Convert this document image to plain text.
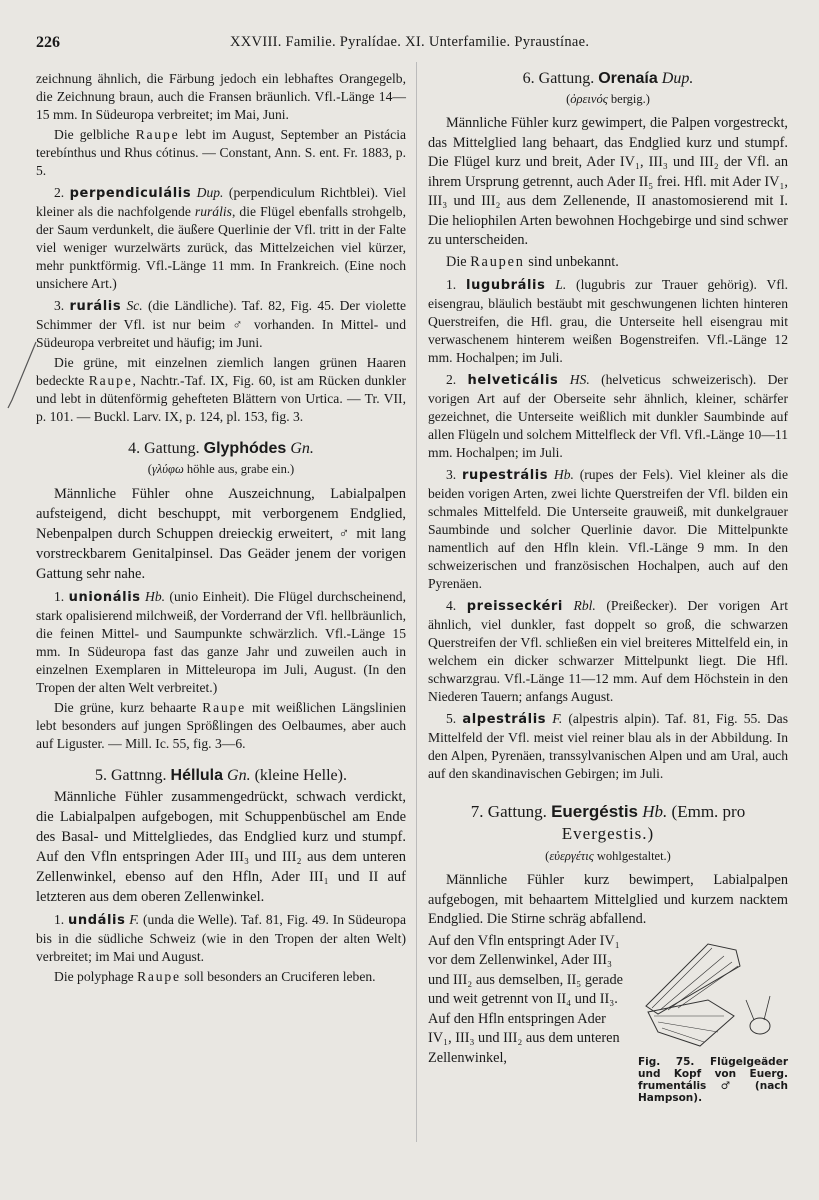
226	XXVIII. Familie. Pyralídae. XI. Unterfamilie. Pyraustínae.

zeichnung ähnlich, die Färbung jedoch ein lebhaftes Orangegelb, die Zeichnung braun, auch die Fransen bräunlich. Vfl.-Länge 14—15 mm. In Südeuropa verbreitet; im Mai, Juni.

Die gelbliche Raupe lebt im August, September an Pistácia terebínthus und Rhus cótinus. — Constant, Ann. S. ent. Fr. 1883, p. 5.

2. perpendiculális Dup. (perpendiculum Richtblei). Viel kleiner als die nachfolgende rurális, die Flügel ebenfalls strohgelb, der Saum verdunkelt, die äußere Querlinie der Vfl. tritt in der Falte viel weniger wurzelwärts zurück, das Mittelzeichen viel kürzer, mehr punktförmig. Vfl.-Länge 11 mm. In Frankreich. (Eine noch unsichere Art.)

3. rurális Sc. (die Ländliche). Taf. 82, Fig. 45. Der violette Schimmer der Vfl. ist nur beim ♂ vorhanden. In Mittel- und Südeuropa verbreitet und häufig; im Juni.

Die grüne, mit einzelnen ziemlich langen grünen Haaren bedeckte Raupe, Nachtr.-Taf. IX, Fig. 60, ist am Rücken dunkler und lebt in dütenförmig gehefteten Blättern von Urtica. — Tr. VII, p. 101. — Buckl. Larv. IX, p. 124, pl. 153, fig. 3.

4. Gattung. Glyphódes Gn.
(γλύφω höhle aus, grabe ein.)

Männliche Fühler ohne Auszeichnung, Labialpalpen aufsteigend, dicht beschuppt, mit verborgenem Endglied, Nebenpalpen durch Schuppen dreieckig erweitert, ♂ mit lang vorstreckbarem Genitalpinsel. Das Geäder jenem der vorigen Gattung sehr nahe.

1. unionális Hb. (unio Einheit). Die Flügel durchscheinend, stark opalisierend milchweiß, der Vorderrand der Vfl. hellbräunlich, die feinen Mittel- und Saumpunkte schwärzlich. Vfl.-Länge 15 mm. In Südeuropa fast das ganze Jahr und zuweilen auch in einzelnen Exemplaren in Mitteleuropa im Juli, August. (In den Tropen der alten Welt verbreitet.)

Die grüne, kurz behaarte Raupe mit weißlichen Längslinien lebt besonders auf jungen Sprößlingen des Oelbaumes, aber auch auf Liguster. — Mill. Ic. 55, fig. 3—6.

5. Gattnng. Héllula Gn. (kleine Helle).

Männliche Fühler zusammengedrückt, schwach verdickt, die Labialpalpen aufgebogen, mit Schuppenbüschel am Ende des Basal- und Mittelgliedes, das Endglied kurz und stumpf. Auf den Vfln entspringen Ader III₃ und III₂ aus dem unteren Zellenwinkel, ebenso auf den Hfln, Ader III₁ und II auf letzteren aus dem oberen Zellenwinkel.

1. undális F. (unda die Welle). Taf. 81, Fig. 49. In Südeuropa bis in die südliche Schweiz (wie in den Tropen der alten Welt) verbreitet; im Mai und August.

Die polyphage Raupe soll besonders an Cruciferen leben.

6. Gattung. Orenaía Dup.
(ὀρεινός bergig.)

Männliche Fühler kurz gewimpert, die Palpen vorgestreckt, das Mittelglied lang behaart, das Endglied kurz und stumpf. Die Flügel kurz und breit, Ader IV₁, III₃ und III₂ der Vfl. an ihrem Ursprung getrennt, auch Ader II₅ frei. Hfl. mit Ader IV₁, III₃ und III₂ aus dem Zellenende, II anastomosierend mit I. Die heliophilen Arten bewohnen Hochgebirge und sind schwer zu unterscheiden.

Die Raupen sind unbekannt.

1. lugubrális L. (lugubris zur Trauer gehörig). Vfl. eisengrau, bläulich bestäubt mit geschwungenen lichten hinteren Querstreifen, die Hfl. grau, die Unterseite hell eisengrau mit verwaschenem hinterem weißen Bogenstreifen. Vfl.-Länge 12 mm. Hochalpen; im Juli.

2. helveticális HS. (helveticus schweizerisch). Der vorigen Art auf der Oberseite sehr ähnlich, kleiner, schärfer gezeichnet, die Unterseite weißlich mit dunkler Saumbinde auf allen Flügeln und solchem Mittelfleck der Vfl. Vfl.-Länge 10—11 mm. Hochalpen; im Juli.

3. rupestrális Hb. (rupes der Fels). Viel kleiner als die beiden vorigen Arten, zwei lichte Querstreifen der Vfl. bilden ein schmales Mittelfeld. Die Unterseite grauweiß, mit dunkelgrauer Saumbinde und solcher Querlinie davor. Die Mittelpunkte namentlich auf den Hfln klein. Vfl.-Länge 9 mm. In den schweizerischen und französischen Hochalpen, auch auf den Pyrenäen.

4. preisseckéri Rbl. (Preißecker). Der vorigen Art ähnlich, viel dunkler, fast doppelt so groß, die schwarzen Querstreifen der Vfl. schließen ein viel breiteres Mittelfeld ein, in welchem ein dicker schwarzer Mittelpunkt liegt. Die Hfl. schwarzgrau. Vfl.-Länge 11—12 mm. Auf dem Höchstein in den Niederen Tauern; anfangs August.

5. alpestrális F. (alpestris alpin). Taf. 81, Fig. 55. Das Mittelfeld der Vfl. meist viel reiner blau als in der Abbildung. In den Alpen, Pyrenäen, transsylvanischen Alpen und am Ural, auch auf den skandinavischen Gebirgen; im Juli.

7. Gattung. Euergéstis Hb. (Emm. pro
Evergestis.)
(εὐεργέτις wohlgestaltet.)

Männliche Fühler kurz bewimpert, Labialpalpen aufgebogen, mit behaartem Mittelglied und kurzem nacktem Endglied. Die Stirne schräg abfallend.

Fig. 75. Flügelgeäder und Kopf von Euerg. frumentális ♂ (nach Hampson).

Auf den Vfln entspringt Ader IV₁ vor dem Zellenwinkel, Ader III₃ und III₂ aus demselben, II₅ gerade und weit getrennt von II₄ und II₃. Auf den Hfln entspringen Ader IV₁, III₃ und III₂ aus dem unteren Zellenwinkel,
